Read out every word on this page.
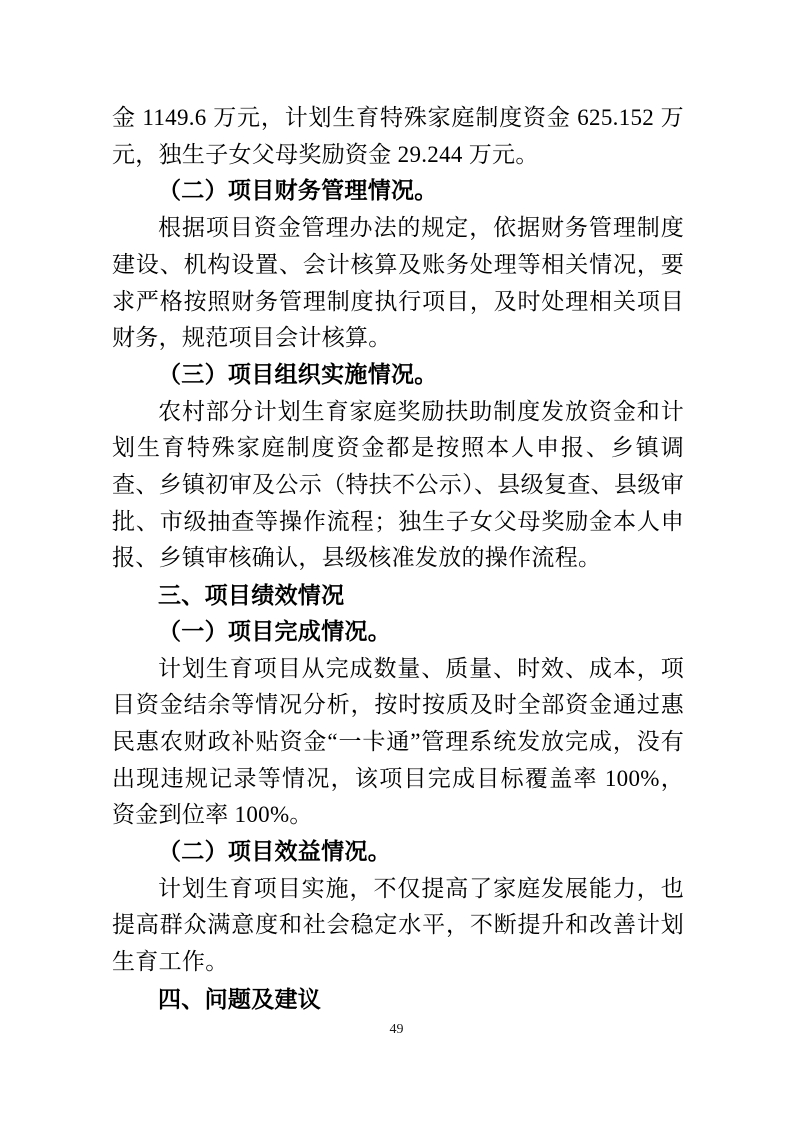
金 1149.6 万元，计划生育特殊家庭制度资金 625.152 万元，独生子女父母奖励资金 29.244 万元。

（二）项目财务管理情况。

根据项目资金管理办法的规定，依据财务管理制度建设、机构设置、会计核算及账务处理等相关情况，要求严格按照财务管理制度执行项目，及时处理相关项目财务，规范项目会计核算。

（三）项目组织实施情况。

农村部分计划生育家庭奖励扶助制度发放资金和计划生育特殊家庭制度资金都是按照本人申报、乡镇调查、乡镇初审及公示（特扶不公示）、县级复查、县级审批、市级抽查等操作流程；独生子女父母奖励金本人申报、乡镇审核确认，县级核准发放的操作流程。

三、项目绩效情况

（一）项目完成情况。

计划生育项目从完成数量、质量、时效、成本，项目资金结余等情况分析，按时按质及时全部资金通过惠民惠农财政补贴资金“一卡通”管理系统发放完成，没有出现违规记录等情况，该项目完成目标覆盖率 100%，资金到位率 100%。

（二）项目效益情况。

计划生育项目实施，不仅提高了家庭发展能力，也提高群众满意度和社会稳定水平，不断提升和改善计划生育工作。

四、问题及建议

49
